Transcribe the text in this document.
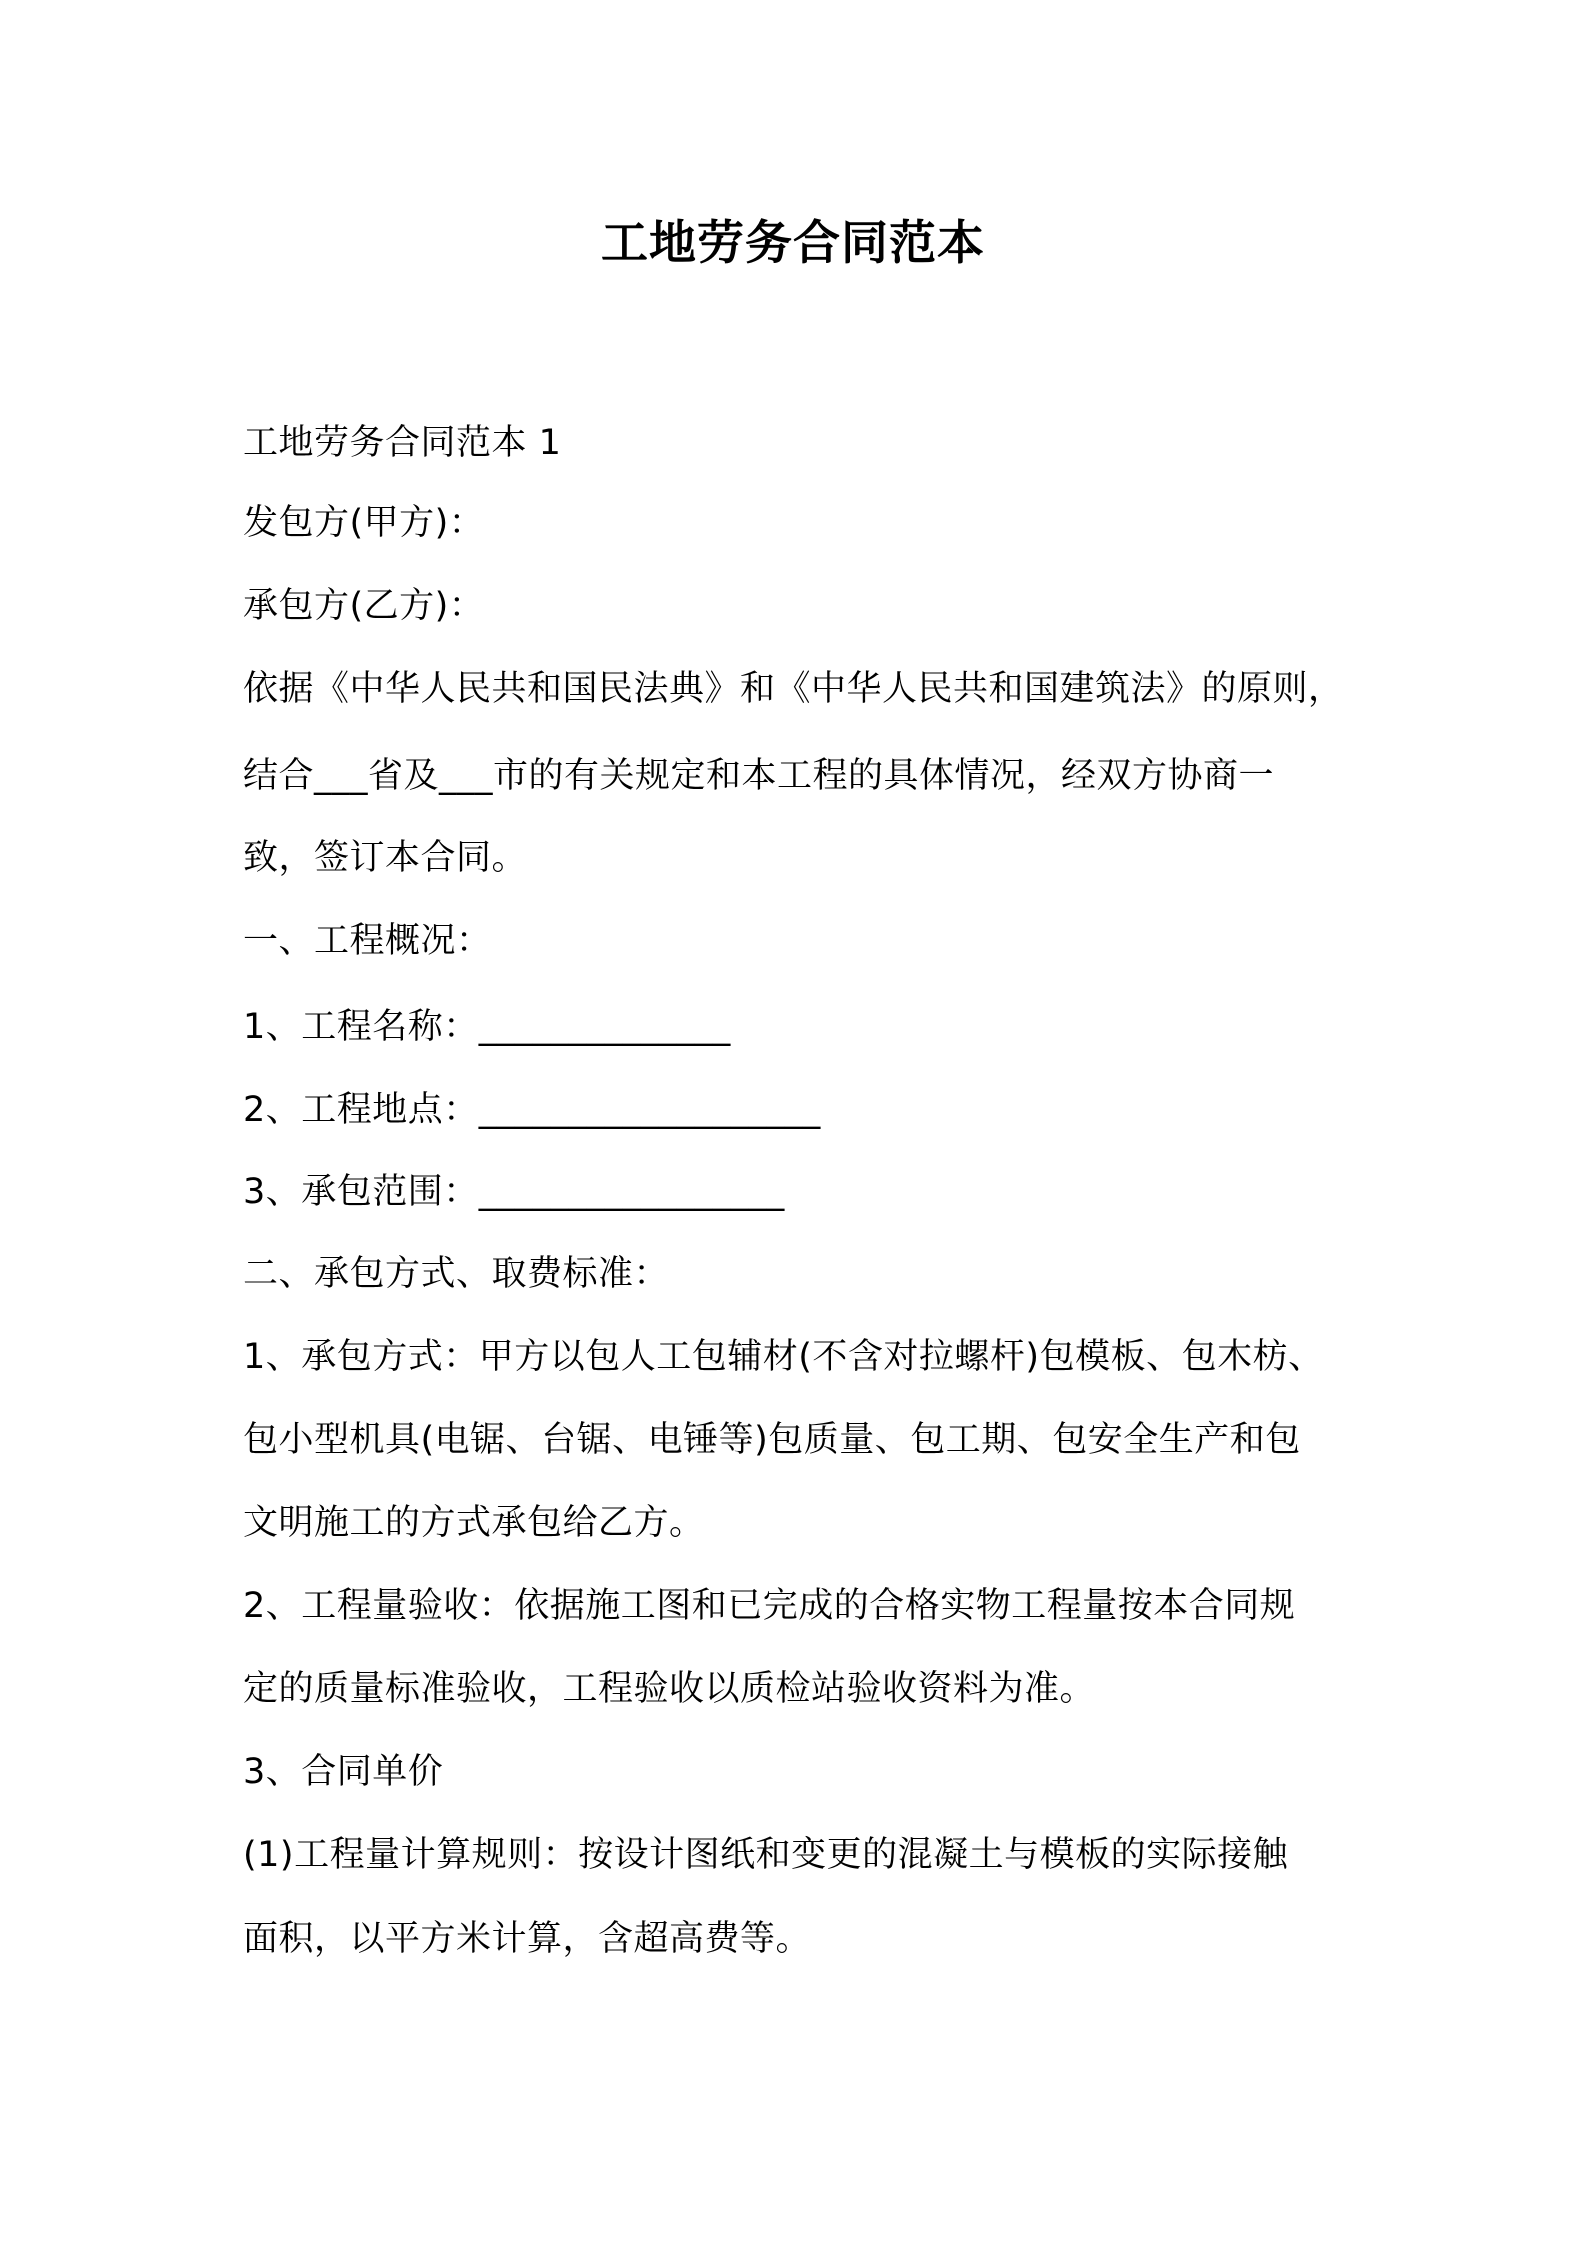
工地劳务合同范本
工地劳务合同范本 1
发包方(甲方)：
承包方(乙方)：
依据《中华人民共和国民法典》和《中华人民共和国建筑法》的原则，
结合___省及___市的有关规定和本工程的具体情况，经双方协商一
致，签订本合同。
一、工程概况：
1、工程名称：______________
2、工程地点：___________________
3、承包范围：_________________
二、承包方式、取费标准：
1、承包方式：甲方以包人工包辅材(不含对拉螺杆)包模板、包木枋、
包小型机具(电锯、台锯、电锤等)包质量、包工期、包安全生产和包
文明施工的方式承包给乙方。
2、工程量验收：依据施工图和已完成的合格实物工程量按本合同规
定的质量标准验收，工程验收以质检站验收资料为准。
3、合同单价
(1)工程量计算规则：按设计图纸和变更的混凝土与模板的实际接触
面积，以平方米计算，含超高费等。
